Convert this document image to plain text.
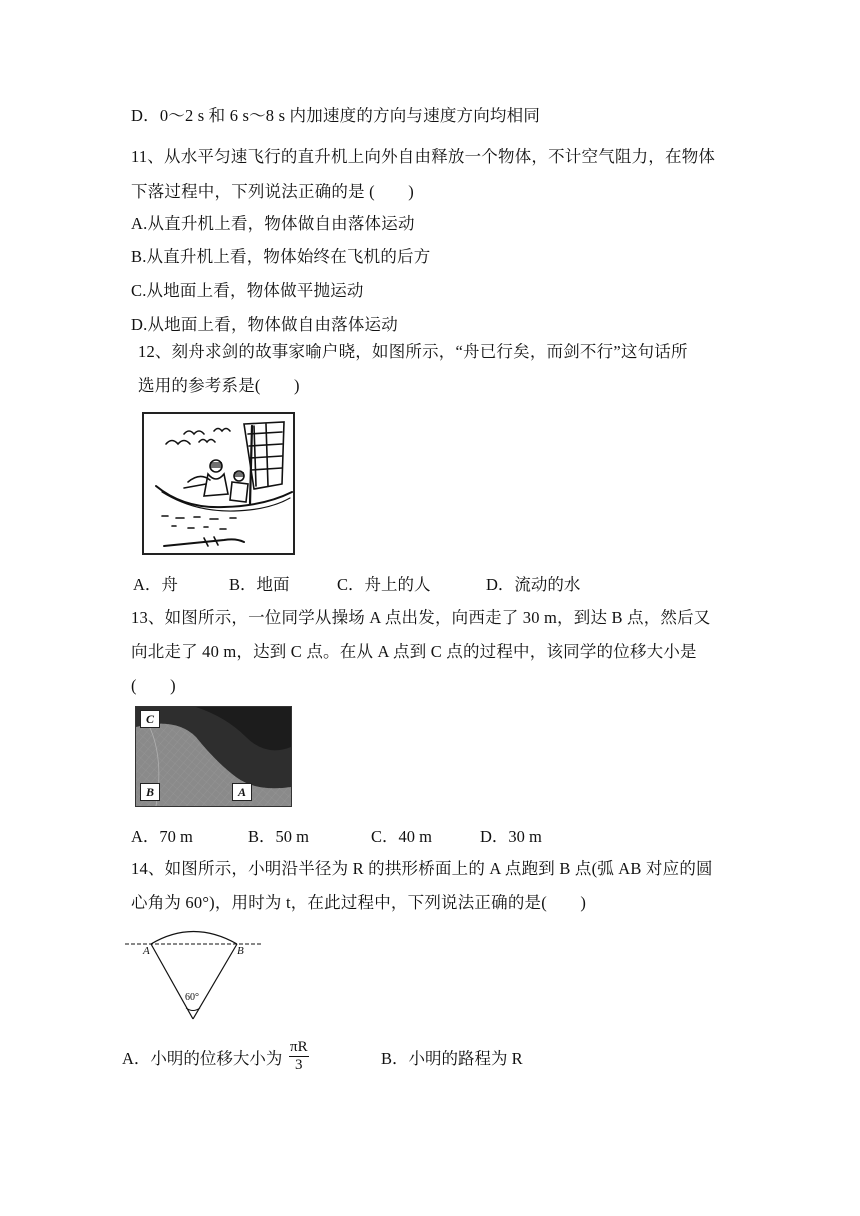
D．0～2 s 和 6 s～8 s 内加速度的方向与速度方向均相同
11、从水平匀速飞行的直升机上向外自由释放一个物体，不计空气阻力，在物体
下落过程中，下列说法正确的是 (　　)
A.从直升机上看，物体做自由落体运动
B.从直升机上看，物体始终在飞机的后方
C.从地面上看，物体做平抛运动
D.从地面上看，物体做自由落体运动
12、刻舟求剑的故事家喻户晓，如图所示，“舟已行矣，而剑不行”这句话所
选用的参考系是(　　)
A．舟	B．地面	C．舟上的人	D．流动的水
13、如图所示，一位同学从操场 A 点出发，向西走了 30 m，到达 B 点，然后又
向北走了 40 m，达到 C 点。在从 A 点到 C 点的过程中，该同学的位移大小是
(　　)
C
B	A
A．70 m	B．50 m	C．40 m	D．30 m
14、如图所示，小明沿半径为 R 的拱形桥面上的 A 点跑到 B 点(弧 AB 对应的圆
心角为 60°)，用时为 t，在此过程中，下列说法正确的是(　　)
A	B
60°
A．小明的位移大小为 $\frac{\pi R}{3}$	B．小明的路程为 R
